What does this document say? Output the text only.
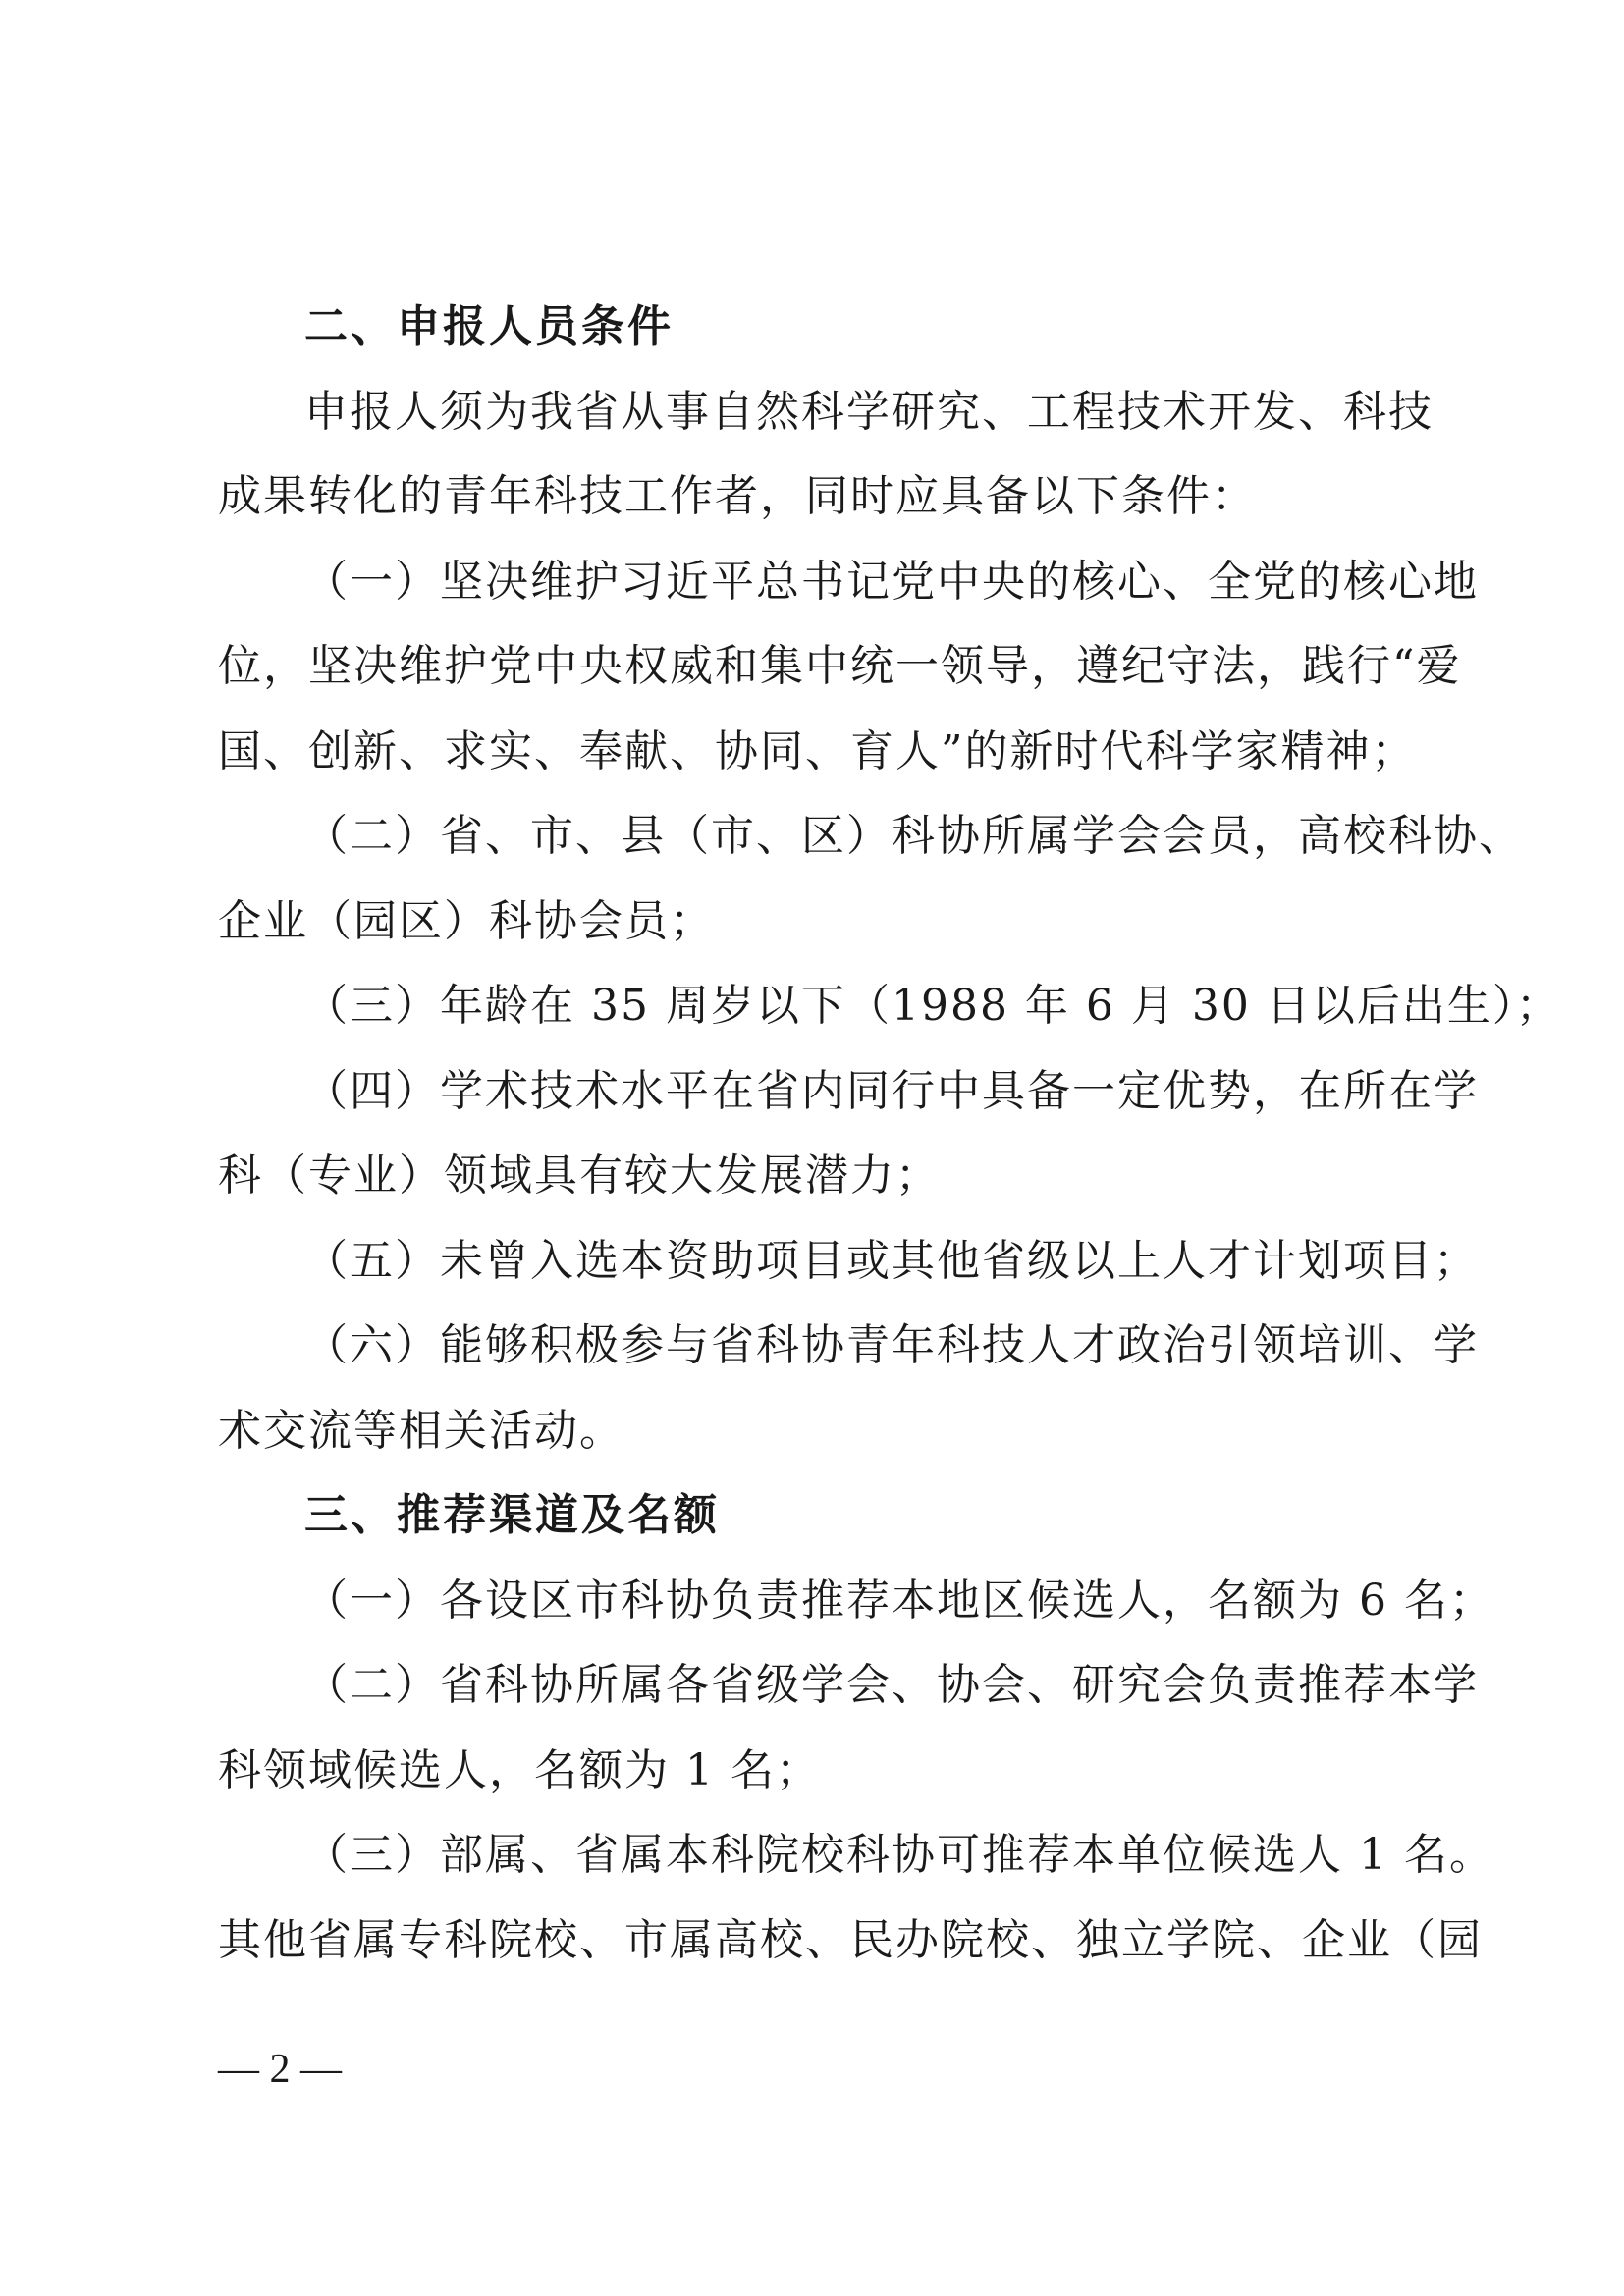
二、申报人员条件

申报人须为我省从事自然科学研究、工程技术开发、科技

成果转化的青年科技工作者，同时应具备以下条件：

（一）坚决维护习近平总书记党中央的核心、全党的核心地

位，坚决维护党中央权威和集中统一领导，遵纪守法，践行“爱

国、创新、求实、奉献、协同、育人”的新时代科学家精神；

（二）省、市、县（市、区）科协所属学会会员，高校科协、

企业（园区）科协会员；

（三）年龄在 35 周岁以下（1988 年 6 月 30 日以后出生）；

（四）学术技术水平在省内同行中具备一定优势，在所在学

科（专业）领域具有较大发展潜力；

（五）未曾入选本资助项目或其他省级以上人才计划项目；

（六）能够积极参与省科协青年科技人才政治引领培训、学

术交流等相关活动。

三、推荐渠道及名额

（一）各设区市科协负责推荐本地区候选人，名额为 6 名；

（二）省科协所属各省级学会、协会、研究会负责推荐本学

科领域候选人，名额为 1 名；

（三）部属、省属本科院校科协可推荐本单位候选人 1 名。

其他省属专科院校、市属高校、民办院校、独立学院、企业（园

— 2 —
